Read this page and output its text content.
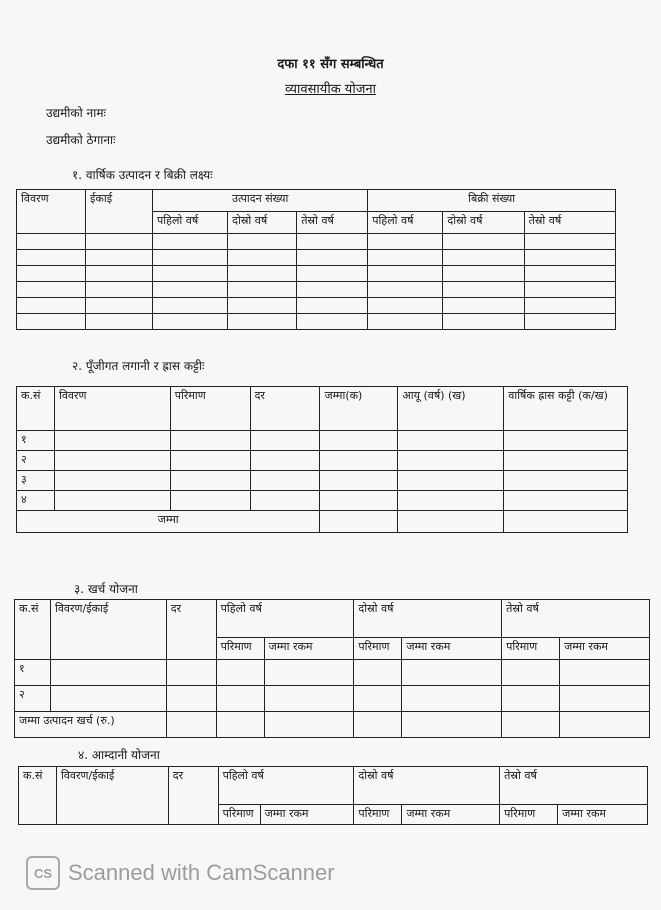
दफा ११ सँग सम्बन्धित
व्यावसायीक योजना
उद्यमीको नामः
उद्यमीको ठेगानाः
१. वार्षिक उत्पादन र बिक्री लक्ष्यः
विवरण	ईकाई	उत्पादन संख्या			बिक्री संख्या		
		पहिलो वर्ष	दोस्रो वर्ष	तेस्रो वर्ष	पहिलो वर्ष	दोस्रो वर्ष	तेस्रो वर्ष

२. पूँजीगत लगानी र ह्रास कट्टीः
क.सं	विवरण	परिमाण	दर	जम्मा(क)	आयू (वर्ष) (ख)	वार्षिक ह्रास कट्टी (क/ख)
१						
२						
३						
४						
जम्मा						
३. खर्च योजना
क.सं	विवरण/ईकाई	दर	पहिलो वर्ष		दोस्रो वर्ष		तेस्रो वर्ष	
			परिमाण	जम्मा रकम	परिमाण	जम्मा रकम	परिमाण	जम्मा रकम
१								
२								
जम्मा उत्पादन खर्च (रु.)								
४. आम्दानी योजना
क.सं	विवरण/ईकाई	दर	पहिलो वर्ष		दोस्रो वर्ष		तेस्रो वर्ष	
			परिमाण	जम्मा रकम	परिमाण	जम्मा रकम	परिमाण	जम्मा रकम
CS Scanned with CamScanner
